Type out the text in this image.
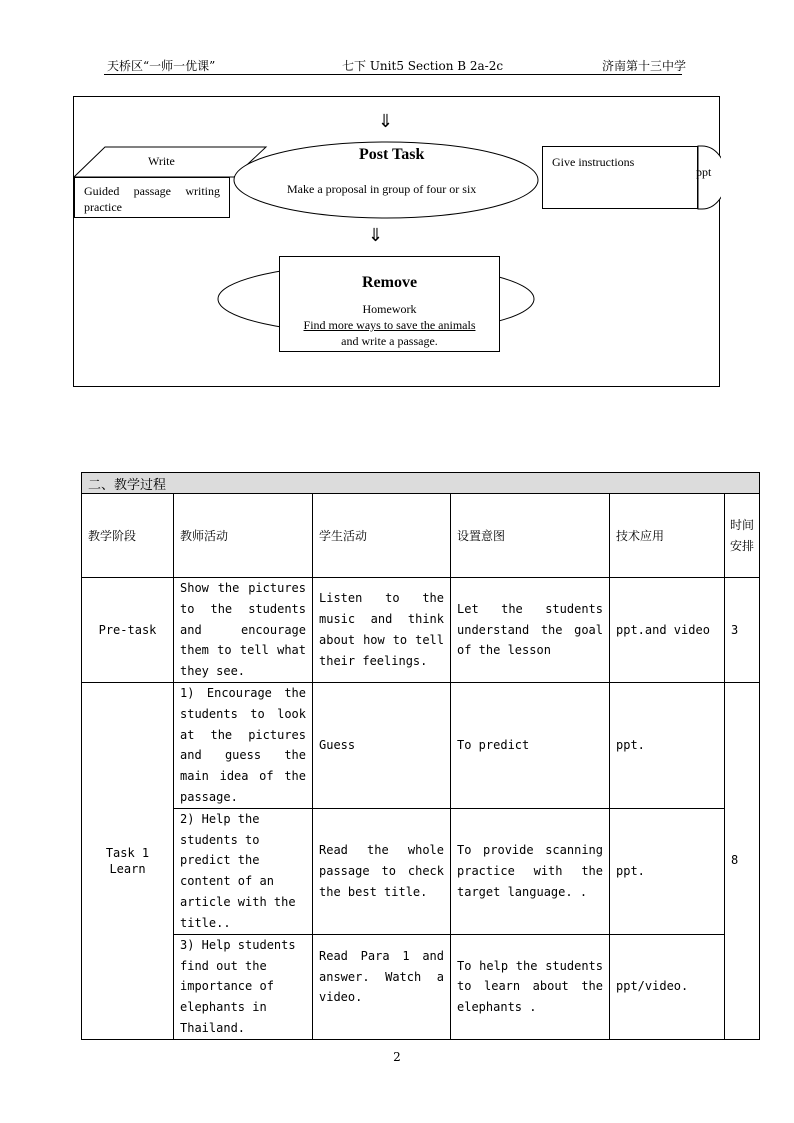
天桥区“一师一优课”	七下 Unit5 Section B 2a-2c	济南第十三中学
⇓
⇓
Write
Guided passage writing practice
Post Task
Make a proposal in group of four or six
Give instructions
ppt
Remove
Homework
Find more ways to save the animals
and write a passage.
二、教学过程					
教学阶段	教师活动	学生活动	设置意图	技术应用	时间安排
Pre-task	Show the pictures to the students and encourage them to tell what they see.	Listen to the music and think about how to tell their feelings.	Let the students understand the goal of the lesson	ppt.and video	3
Task 1 Learn	1) Encourage the students to look at the pictures and guess the main idea of the passage.	Guess	To predict	ppt.	8
	2) Help the students to predict the content of an article with the title..	Read the whole passage to check the best title.	To provide scanning practice with the target language. .	ppt.	
	3) Help students find out the importance of elephants in Thailand.	Read Para 1 and answer. Watch a video.	To help the students to learn about the elephants .	ppt/video.	
2
